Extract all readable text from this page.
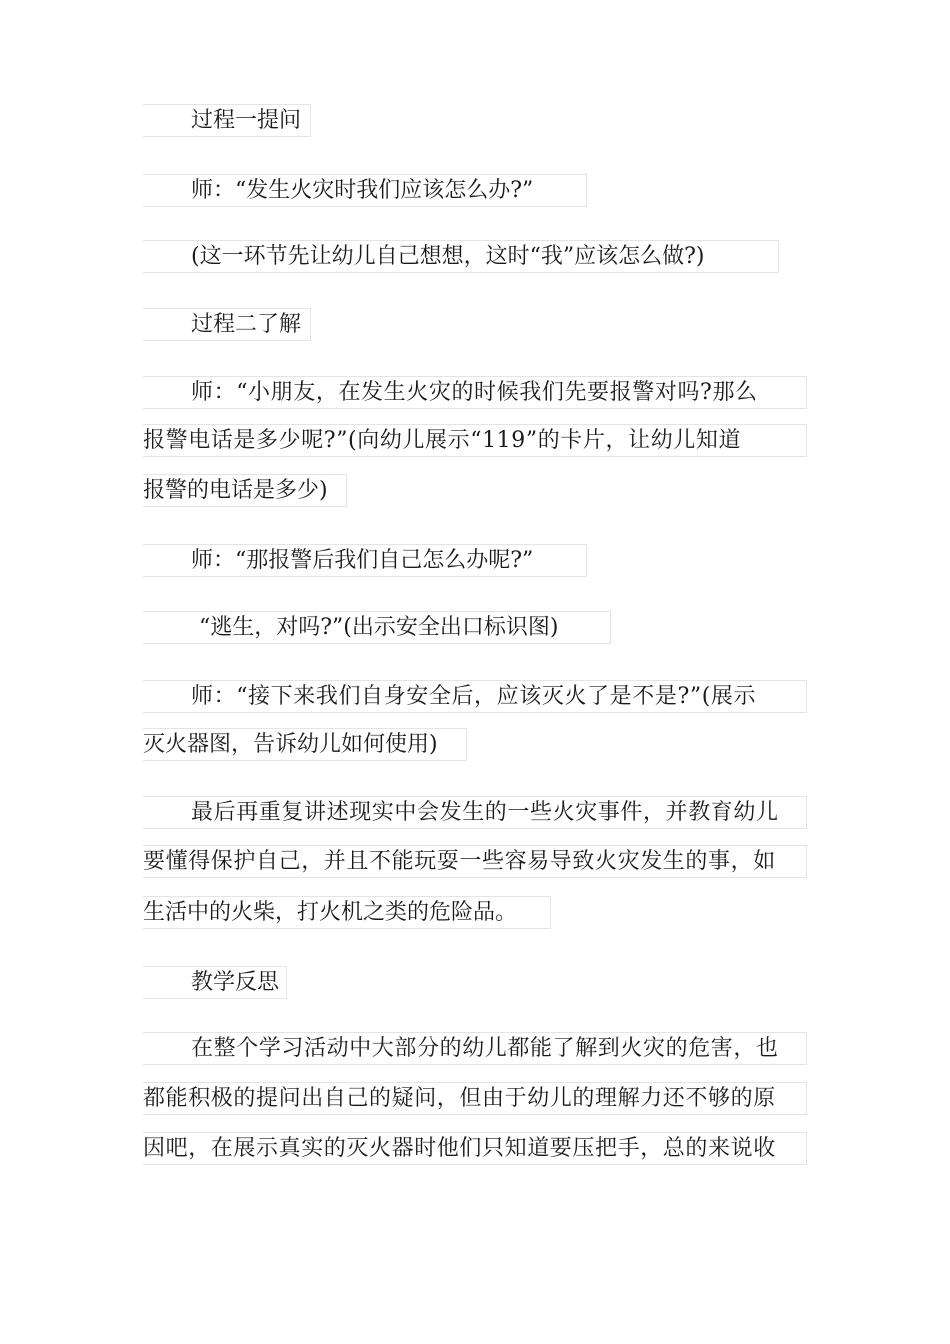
过程一提问
师：“发生火灾时我们应该怎么办?”
(这一环节先让幼儿自己想想，这时“我”应该怎么做?)
过程二了解
师：“小朋友，在发生火灾的时候我们先要报警对吗?那么
报警电话是多少呢?”(向幼儿展示“119”的卡片，让幼儿知道
报警的电话是多少)
师：“那报警后我们自己怎么办呢?”
“逃生，对吗?”(出示安全出口标识图)
师：“接下来我们自身安全后，应该灭火了是不是?”(展示
灭火器图，告诉幼儿如何使用)
最后再重复讲述现实中会发生的一些火灾事件，并教育幼儿
要懂得保护自己，并且不能玩耍一些容易导致火灾发生的事，如
生活中的火柴，打火机之类的危险品。
教学反思
在整个学习活动中大部分的幼儿都能了解到火灾的危害，也
都能积极的提问出自己的疑问，但由于幼儿的理解力还不够的原
因吧，在展示真实的灭火器时他们只知道要压把手，总的来说收
